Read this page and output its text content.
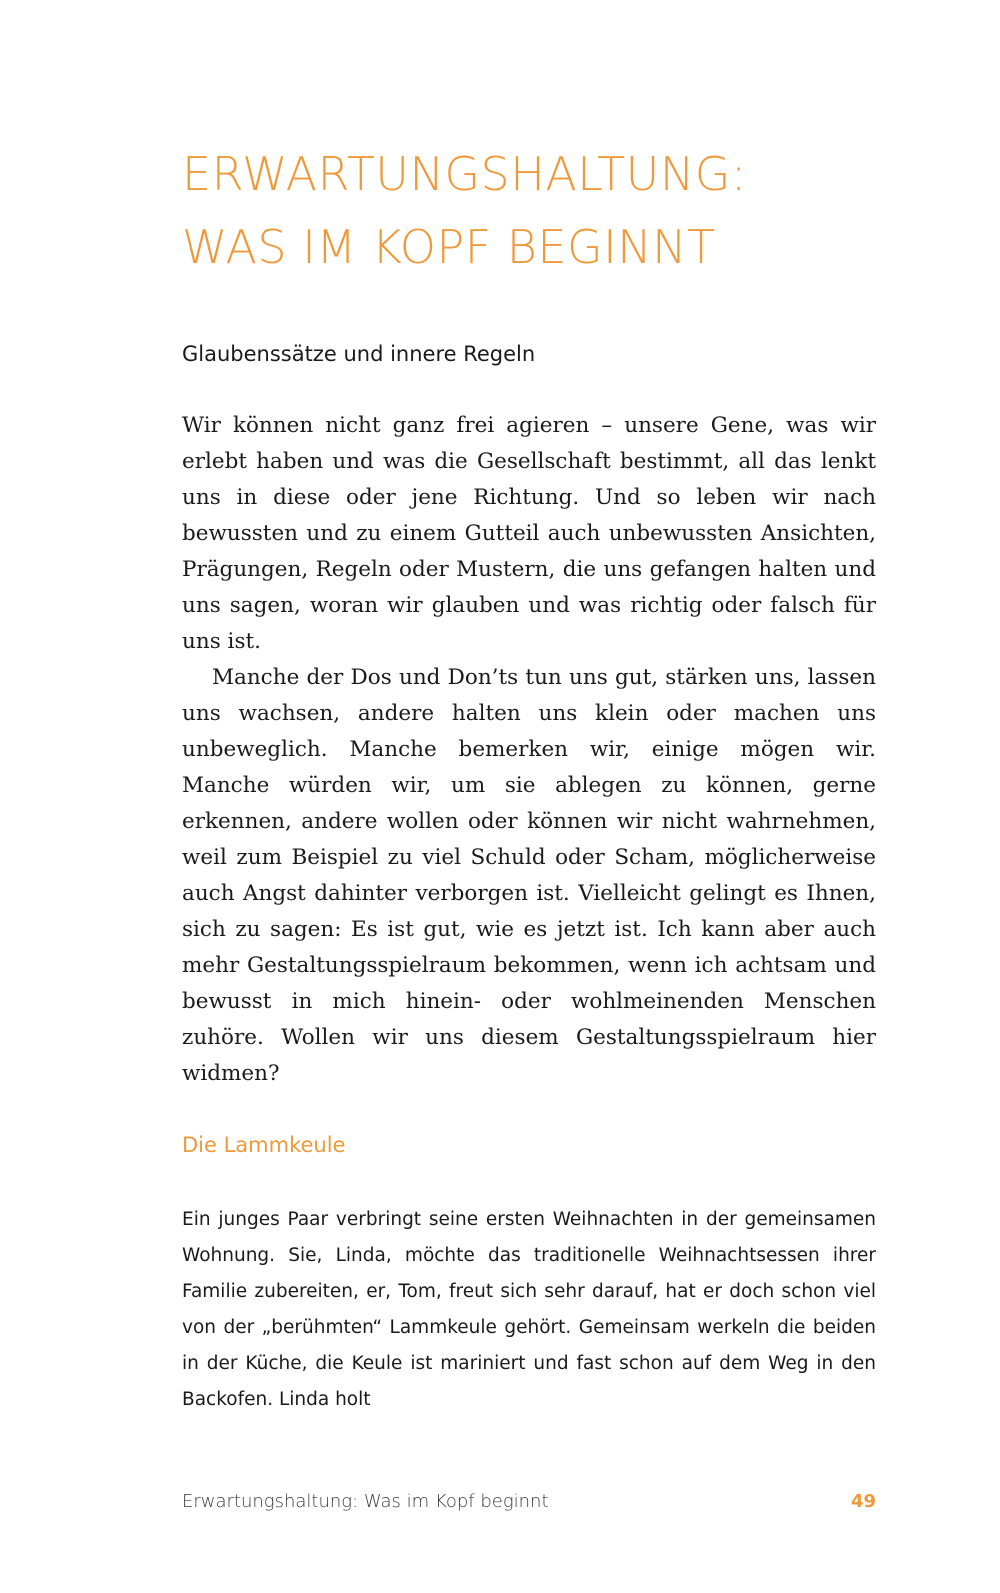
ERWARTUNGSHALTUNG:
WAS IM KOPF BEGINNT
Glaubenssätze und innere Regeln

Wir können nicht ganz frei agieren – unsere Gene, was wir erlebt haben und was die Gesellschaft bestimmt, all das lenkt uns in diese oder jene Richtung. Und so leben wir nach bewussten und zu einem Gutteil auch unbewussten Ansichten, Prägungen, Regeln oder Mustern, die uns gefangen halten und uns sagen, woran wir glauben und was richtig oder falsch für uns ist.

Manche der Dos und Don’ts tun uns gut, stärken uns, lassen uns wachsen, andere halten uns klein oder machen uns unbeweglich. Manche bemerken wir, einige mögen wir. Manche würden wir, um sie ablegen zu können, gerne erkennen, andere wollen oder können wir nicht wahrnehmen, weil zum Beispiel zu viel Schuld oder Scham, möglicherweise auch Angst dahinter verborgen ist. Vielleicht gelingt es Ihnen, sich zu sagen: Es ist gut, wie es jetzt ist. Ich kann aber auch mehr Gestaltungsspielraum bekommen, wenn ich achtsam und bewusst in mich hinein- oder wohlmeinenden Menschen zuhöre. Wollen wir uns diesem Gestaltungsspielraum hier widmen?

Die Lammkeule

Ein junges Paar verbringt seine ersten Weihnachten in der gemeinsamen Wohnung. Sie, Linda, möchte das traditionelle Weihnachtsessen ihrer Familie zubereiten, er, Tom, freut sich sehr darauf, hat er doch schon viel von der „berühmten“ Lammkeule gehört. Gemeinsam werkeln die beiden in der Küche, die Keule ist mariniert und fast schon auf dem Weg in den Backofen. Linda holt

Erwartungshaltung: Was im Kopf beginnt	49
